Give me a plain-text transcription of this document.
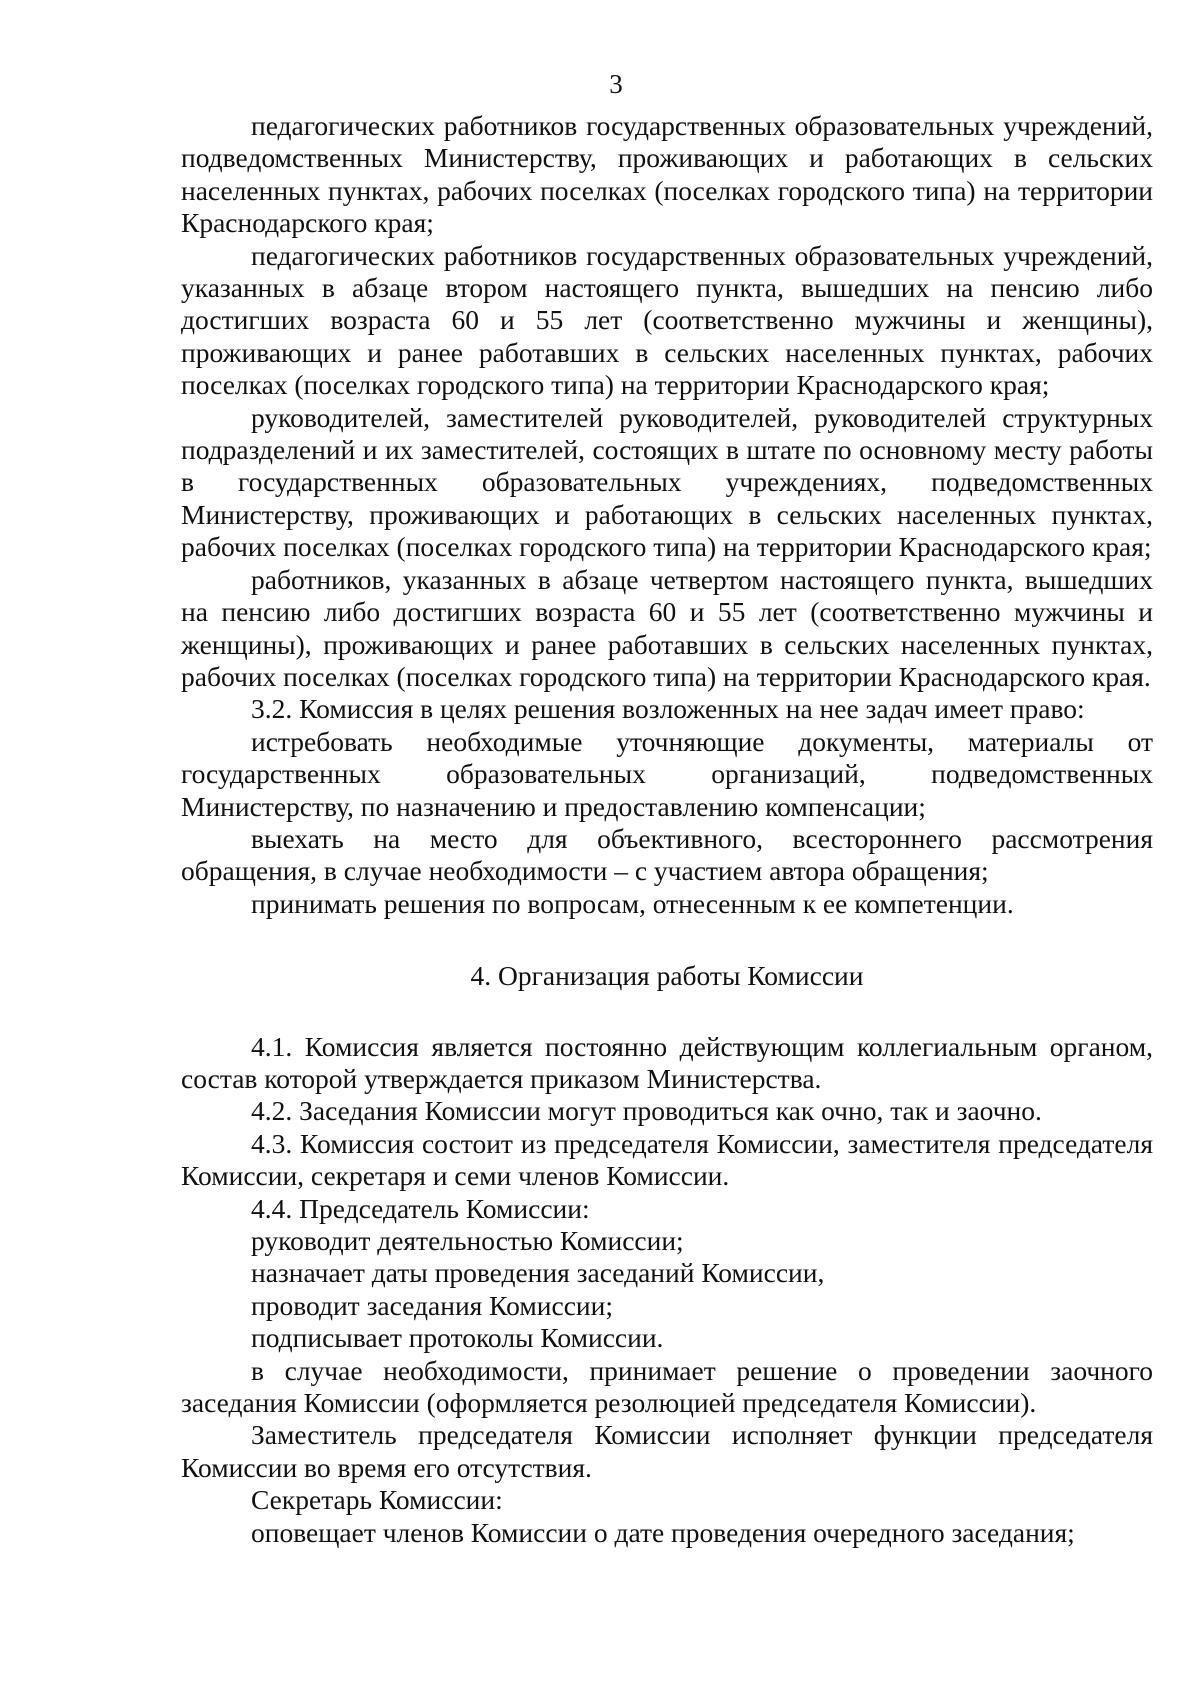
3

педагогических работников государственных образовательных учреждений, подведомственных Министерству, проживающих и работающих в сельских населенных пунктах, рабочих поселках (поселках городского типа) на территории Краснодарского края;

педагогических работников государственных образовательных учреждений, указанных в абзаце втором настоящего пункта, вышедших на пенсию либо достигших возраста 60 и 55 лет (соответственно мужчины и женщины), проживающих и ранее работавших в сельских населенных пунктах, рабочих поселках (поселках городского типа) на территории Краснодарского края;

руководителей, заместителей руководителей, руководителей структурных подразделений и их заместителей, состоящих в штате по основному месту работы в государственных образовательных учреждениях, подведомственных Министерству, проживающих и работающих в сельских населенных пунктах, рабочих поселках (поселках городского типа) на территории Краснодарского края;

работников, указанных в абзаце четвертом настоящего пункта, вышедших на пенсию либо достигших возраста 60 и 55 лет (соответственно мужчины и женщины), проживающих и ранее работавших в сельских населенных пунктах, рабочих поселках (поселках городского типа) на территории Краснодарского края.

3.2. Комиссия в целях решения возложенных на нее задач имеет право:

истребовать необходимые уточняющие документы, материалы от государственных образовательных организаций, подведомственных Министерству, по назначению и предоставлению компенсации;

выехать на место для объективного, всестороннего рассмотрения обращения, в случае необходимости – с участием автора обращения;

принимать решения по вопросам, отнесенным к ее компетенции.

4. Организация работы Комиссии

4.1. Комиссия является постоянно действующим коллегиальным органом, состав которой утверждается приказом Министерства.

4.2. Заседания Комиссии могут проводиться как очно, так и заочно.

4.3. Комиссия состоит из председателя Комиссии, заместителя председателя Комиссии, секретаря и семи членов Комиссии.

4.4. Председатель Комиссии:

руководит деятельностью Комиссии;

назначает даты проведения заседаний Комиссии,

проводит заседания Комиссии;

подписывает протоколы Комиссии.

в случае необходимости, принимает решение о проведении заочного заседания Комиссии (оформляется резолюцией председателя Комиссии).

Заместитель председателя Комиссии исполняет функции председателя Комиссии во время его отсутствия.

Секретарь Комиссии:

оповещает членов Комиссии о дате проведения очередного заседания;
